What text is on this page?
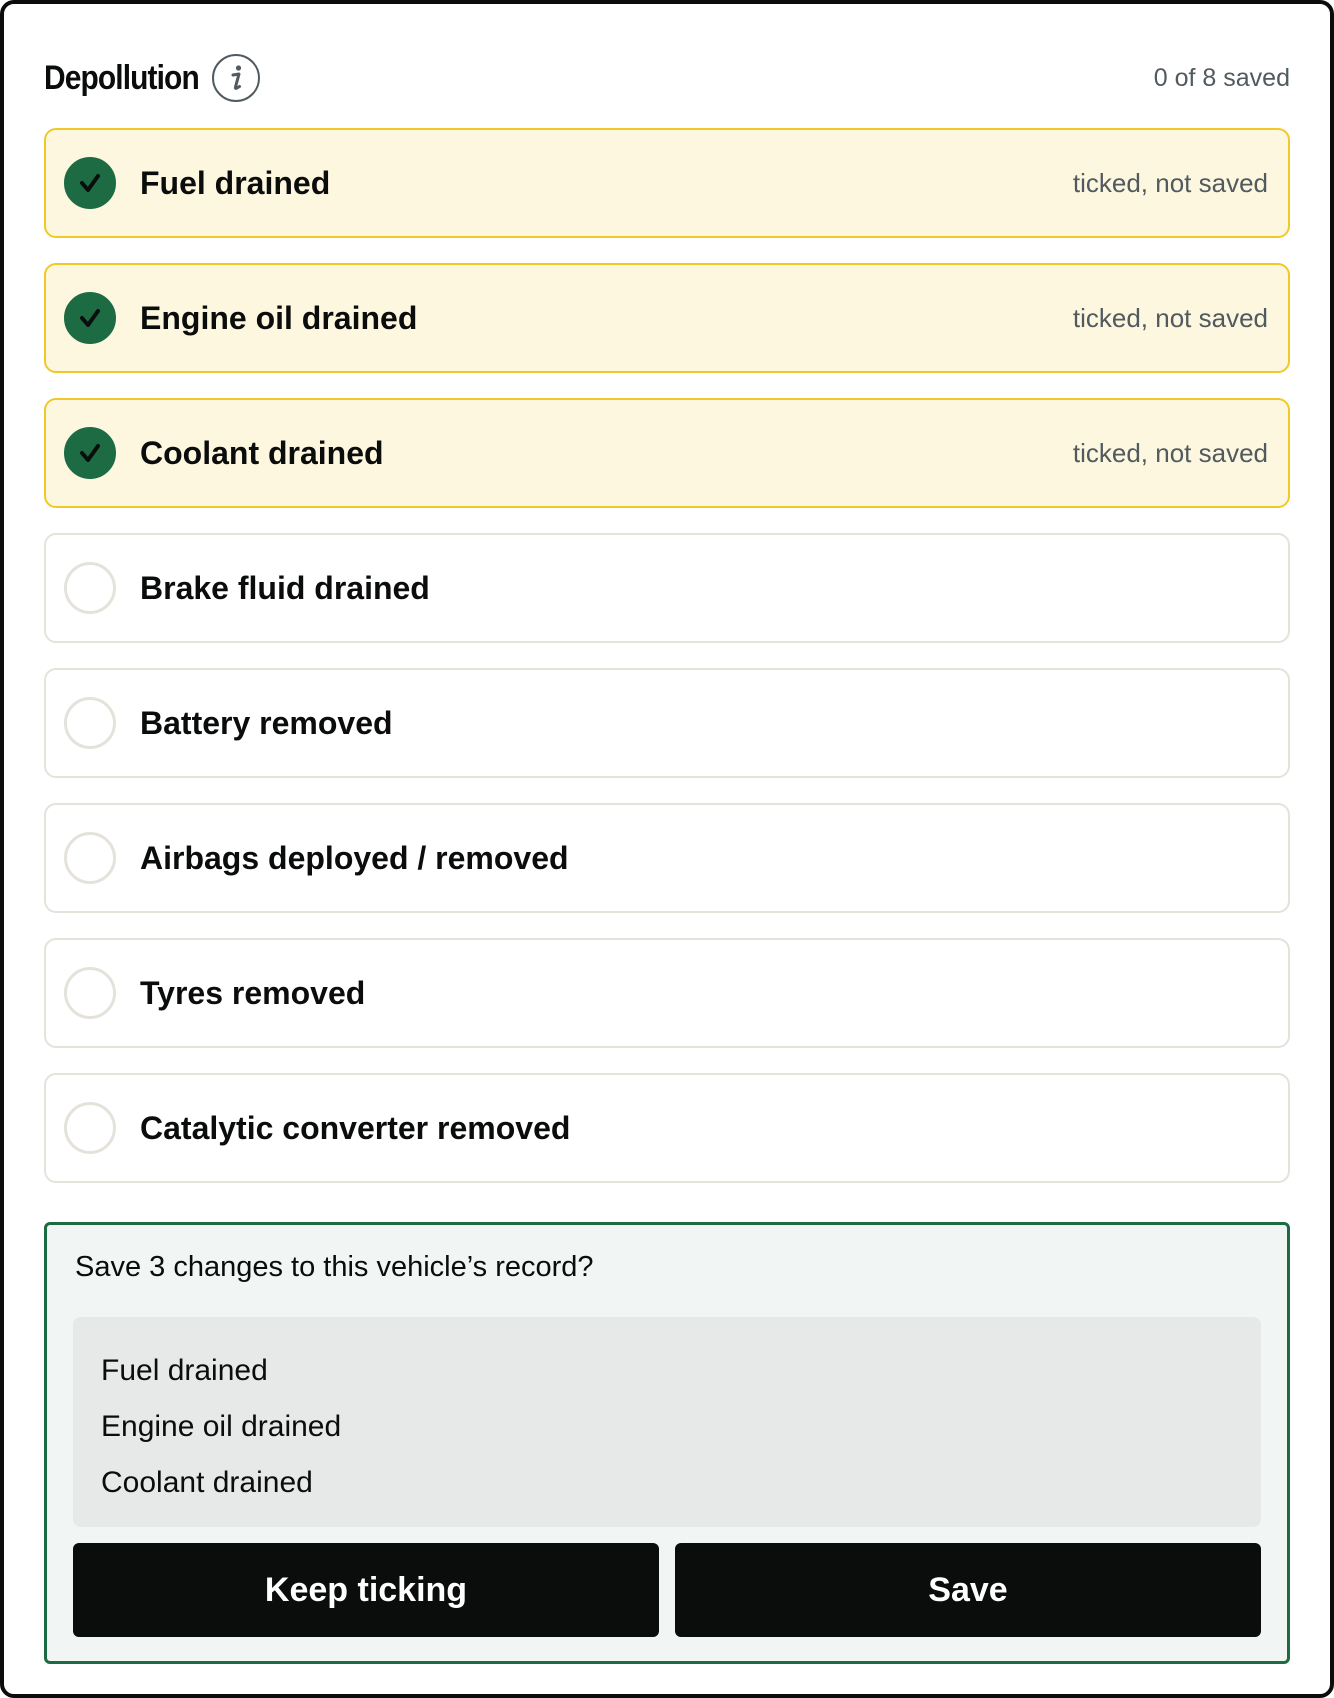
Depollution	0 of 8 saved
Fuel drained	ticked, not saved
Engine oil drained	ticked, not saved
Coolant drained	ticked, not saved
Brake fluid drained
Battery removed
Airbags deployed / removed
Tyres removed
Catalytic converter removed
Save 3 changes to this vehicle’s record?
Fuel drained
Engine oil drained
Coolant drained
Keep ticking	Save
